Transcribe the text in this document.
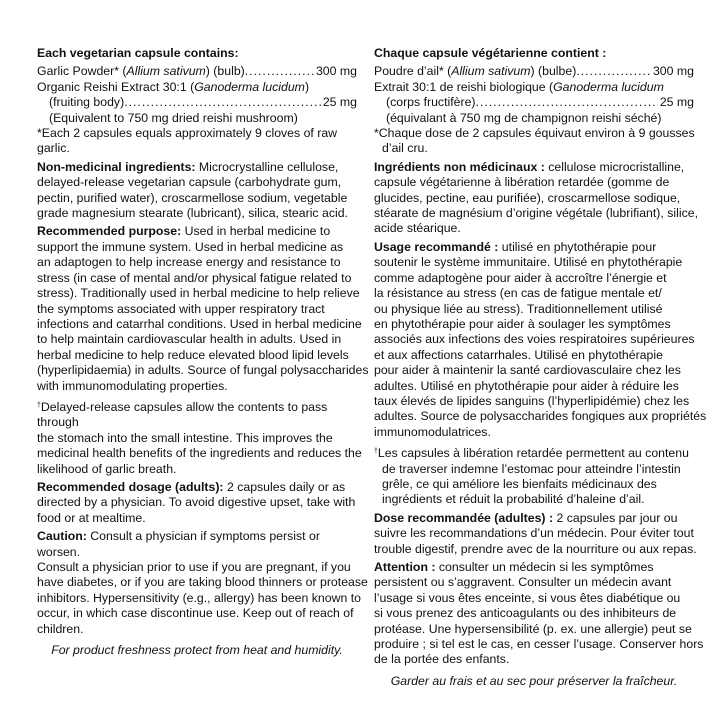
Each vegetarian capsule contains:
Garlic Powder* (Allium sativum) (bulb) .....	300 mg
Organic Reishi Extract 30:1 (Ganoderma lucidum)
(fruiting body) .....	25 mg
(Equivalent to 750 mg dried reishi mushroom)
*Each 2 capsules equals approximately 9 cloves of raw garlic.
Non-medicinal ingredients: Microcrystalline cellulose,
delayed-release vegetarian capsule (carbohydrate gum,
pectin, purified water), croscarmellose sodium, vegetable
grade magnesium stearate (lubricant), silica, stearic acid.
Recommended purpose: Used in herbal medicine to
support the immune system. Used in herbal medicine as
an adaptogen to help increase energy and resistance to
stress (in case of mental and/or physical fatigue related to
stress). Traditionally used in herbal medicine to help relieve
the symptoms associated with upper respiratory tract
infections and catarrhal conditions. Used in herbal medicine
to help maintain cardiovascular health in adults. Used in
herbal medicine to help reduce elevated blood lipid levels
(hyperlipidaemia) in adults. Source of fungal polysaccharides
with immunomodulating properties.
†Delayed-release capsules allow the contents to pass through
the stomach into the small intestine. This improves the
medicinal health benefits of the ingredients and reduces the
likelihood of garlic breath.
Recommended dosage (adults): 2 capsules daily or as
directed by a physician. To avoid digestive upset, take with
food or at mealtime.
Caution: Consult a physician if symptoms persist or worsen.
Consult a physician prior to use if you are pregnant, if you
have diabetes, or if you are taking blood thinners or protease
inhibitors. Hypersensitivity (e.g., allergy) has been known to
occur, in which case discontinue use. Keep out of reach of
children.
For product freshness protect from heat and humidity.
Chaque capsule végétarienne contient :
Poudre d’ail* (Allium sativum) (bulbe) .....	300 mg
Extrait 30:1 de reishi biologique (Ganoderma lucidum
(corps fructifère) .....	25 mg
(équivalant à 750 mg de champignon reishi séché)
*Chaque dose de 2 capsules équivaut environ à 9 gousses
d’ail cru.
Ingrédients non médicinaux : cellulose microcristalline,
capsule végétarienne à libération retardée (gomme de
glucides, pectine, eau purifiée), croscarmellose sodique,
stéarate de magnésium d’origine végétale (lubrifiant), silice,
acide stéarique.
Usage recommandé : utilisé en phytothérapie pour
soutenir le système immunitaire. Utilisé en phytothérapie
comme adaptogène pour aider à accroître l’énergie et
la résistance au stress (en cas de fatigue mentale et/
ou physique liée au stress). Traditionnellement utilisé
en phytothérapie pour aider à soulager les symptômes
associés aux infections des voies respiratoires supérieures
et aux affections catarrhales. Utilisé en phytothérapie
pour aider à maintenir la santé cardiovasculaire chez les
adultes. Utilisé en phytothérapie pour aider à réduire les
taux élevés de lipides sanguins (l’hyperlipidémie) chez les
adultes. Source de polysaccharides fongiques aux propriétés
immunomodulatrices.
†Les capsules à libération retardée permettent au contenu
de traverser indemne l’estomac pour atteindre l’intestin
grêle, ce qui améliore les bienfaits médicinaux des
ingrédients et réduit la probabilité d’haleine d’ail.
Dose recommandée (adultes) : 2 capsules par jour ou
suivre les recommandations d’un médecin. Pour éviter tout
trouble digestif, prendre avec de la nourriture ou aux repas.
Attention : consulter un médecin si les symptômes
persistent ou s’aggravent. Consulter un médecin avant
l’usage si vous êtes enceinte, si vous êtes diabétique ou
si vous prenez des anticoagulants ou des inhibiteurs de
protéase. Une hypersensibilité (p. ex. une allergie) peut se
produire ; si tel est le cas, en cesser l’usage. Conserver hors
de la portée des enfants.
Garder au frais et au sec pour préserver la fraîcheur.
